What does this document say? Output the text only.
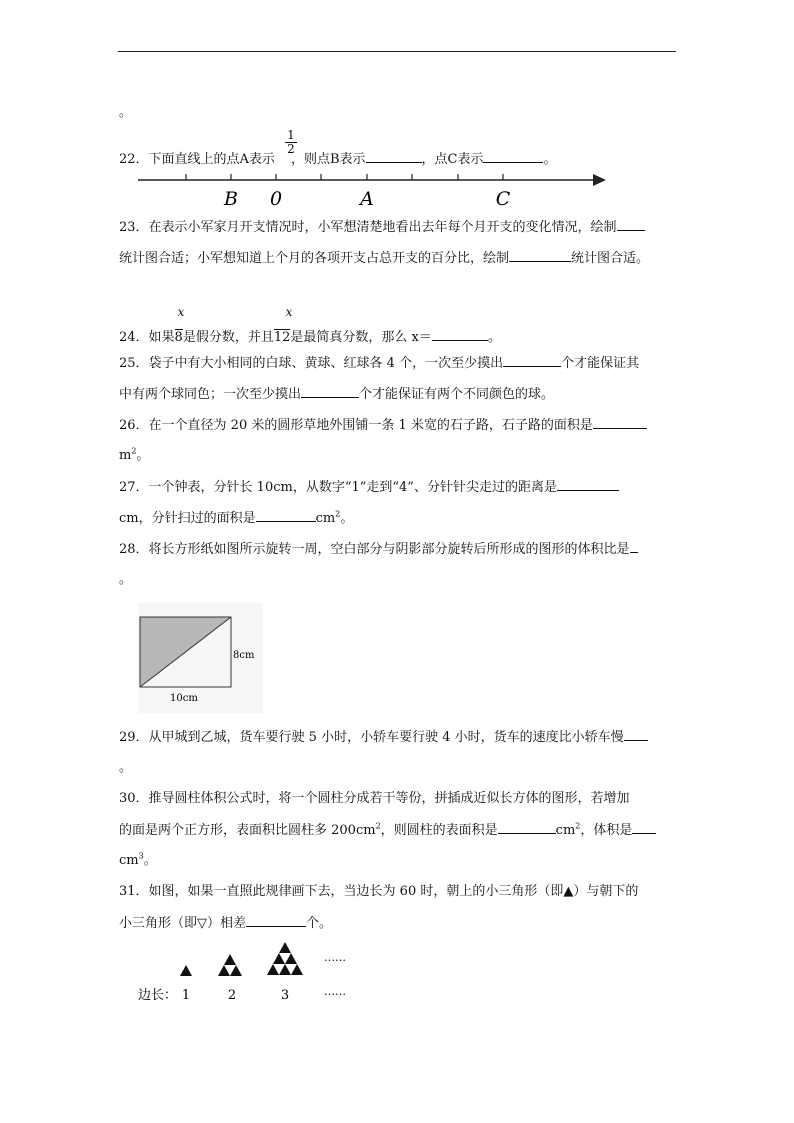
。
1
2
22．下面直线上的点A表示 ，则点B表示	，点C表示	。
B 0	A	C
23．在表示小军家月开支情况时，小军想清楚地看出去年每个月开支的变化情况，绘制
统计图合适；小军想知道上个月的各项开支占总开支的百分比，绘制	统计图合适。
x	x
24．如果8是假分数，并且12是最简真分数，那么 x＝	。
25．袋子中有大小相同的白球、黄球、红球各 4 个，一次至少摸出	个才能保证其
中有两个球同色；一次至少摸出	个才能保证有两个不同颜色的球。
26．在一个直径为 20 米的圆形草地外围铺一条 1 米宽的石子路，石子路的面积是
$m^2$。
27．一个钟表，分针长 10cm，从数字“1”走到“4”、分针针尖走过的距离是
cm，分针扫过的面积是	$cm^2$。
28．将长方形纸如图所示旋转一周，空白部分与阴影部分旋转后所形成的图形的体积比是
。
8cm
10cm
29．从甲城到乙城，货车要行驶 5 小时，小轿车要行驶 4 小时，货车的速度比小轿车慢
。
30．推导圆柱体积公式时，将一个圆柱分成若干等份，拼插成近似长方体的图形，若增加
的面是两个正方形，表面积比圆柱多 $200cm^2$，则圆柱的表面积是	$cm^2$，体积是
$cm^3$。
31．如图，如果一直照此规律画下去，当边长为 60 时，朝上的小三角形（即▲）与朝下的
小三角形（即▽）相差	个。
……
边长： 1	2	3	……
